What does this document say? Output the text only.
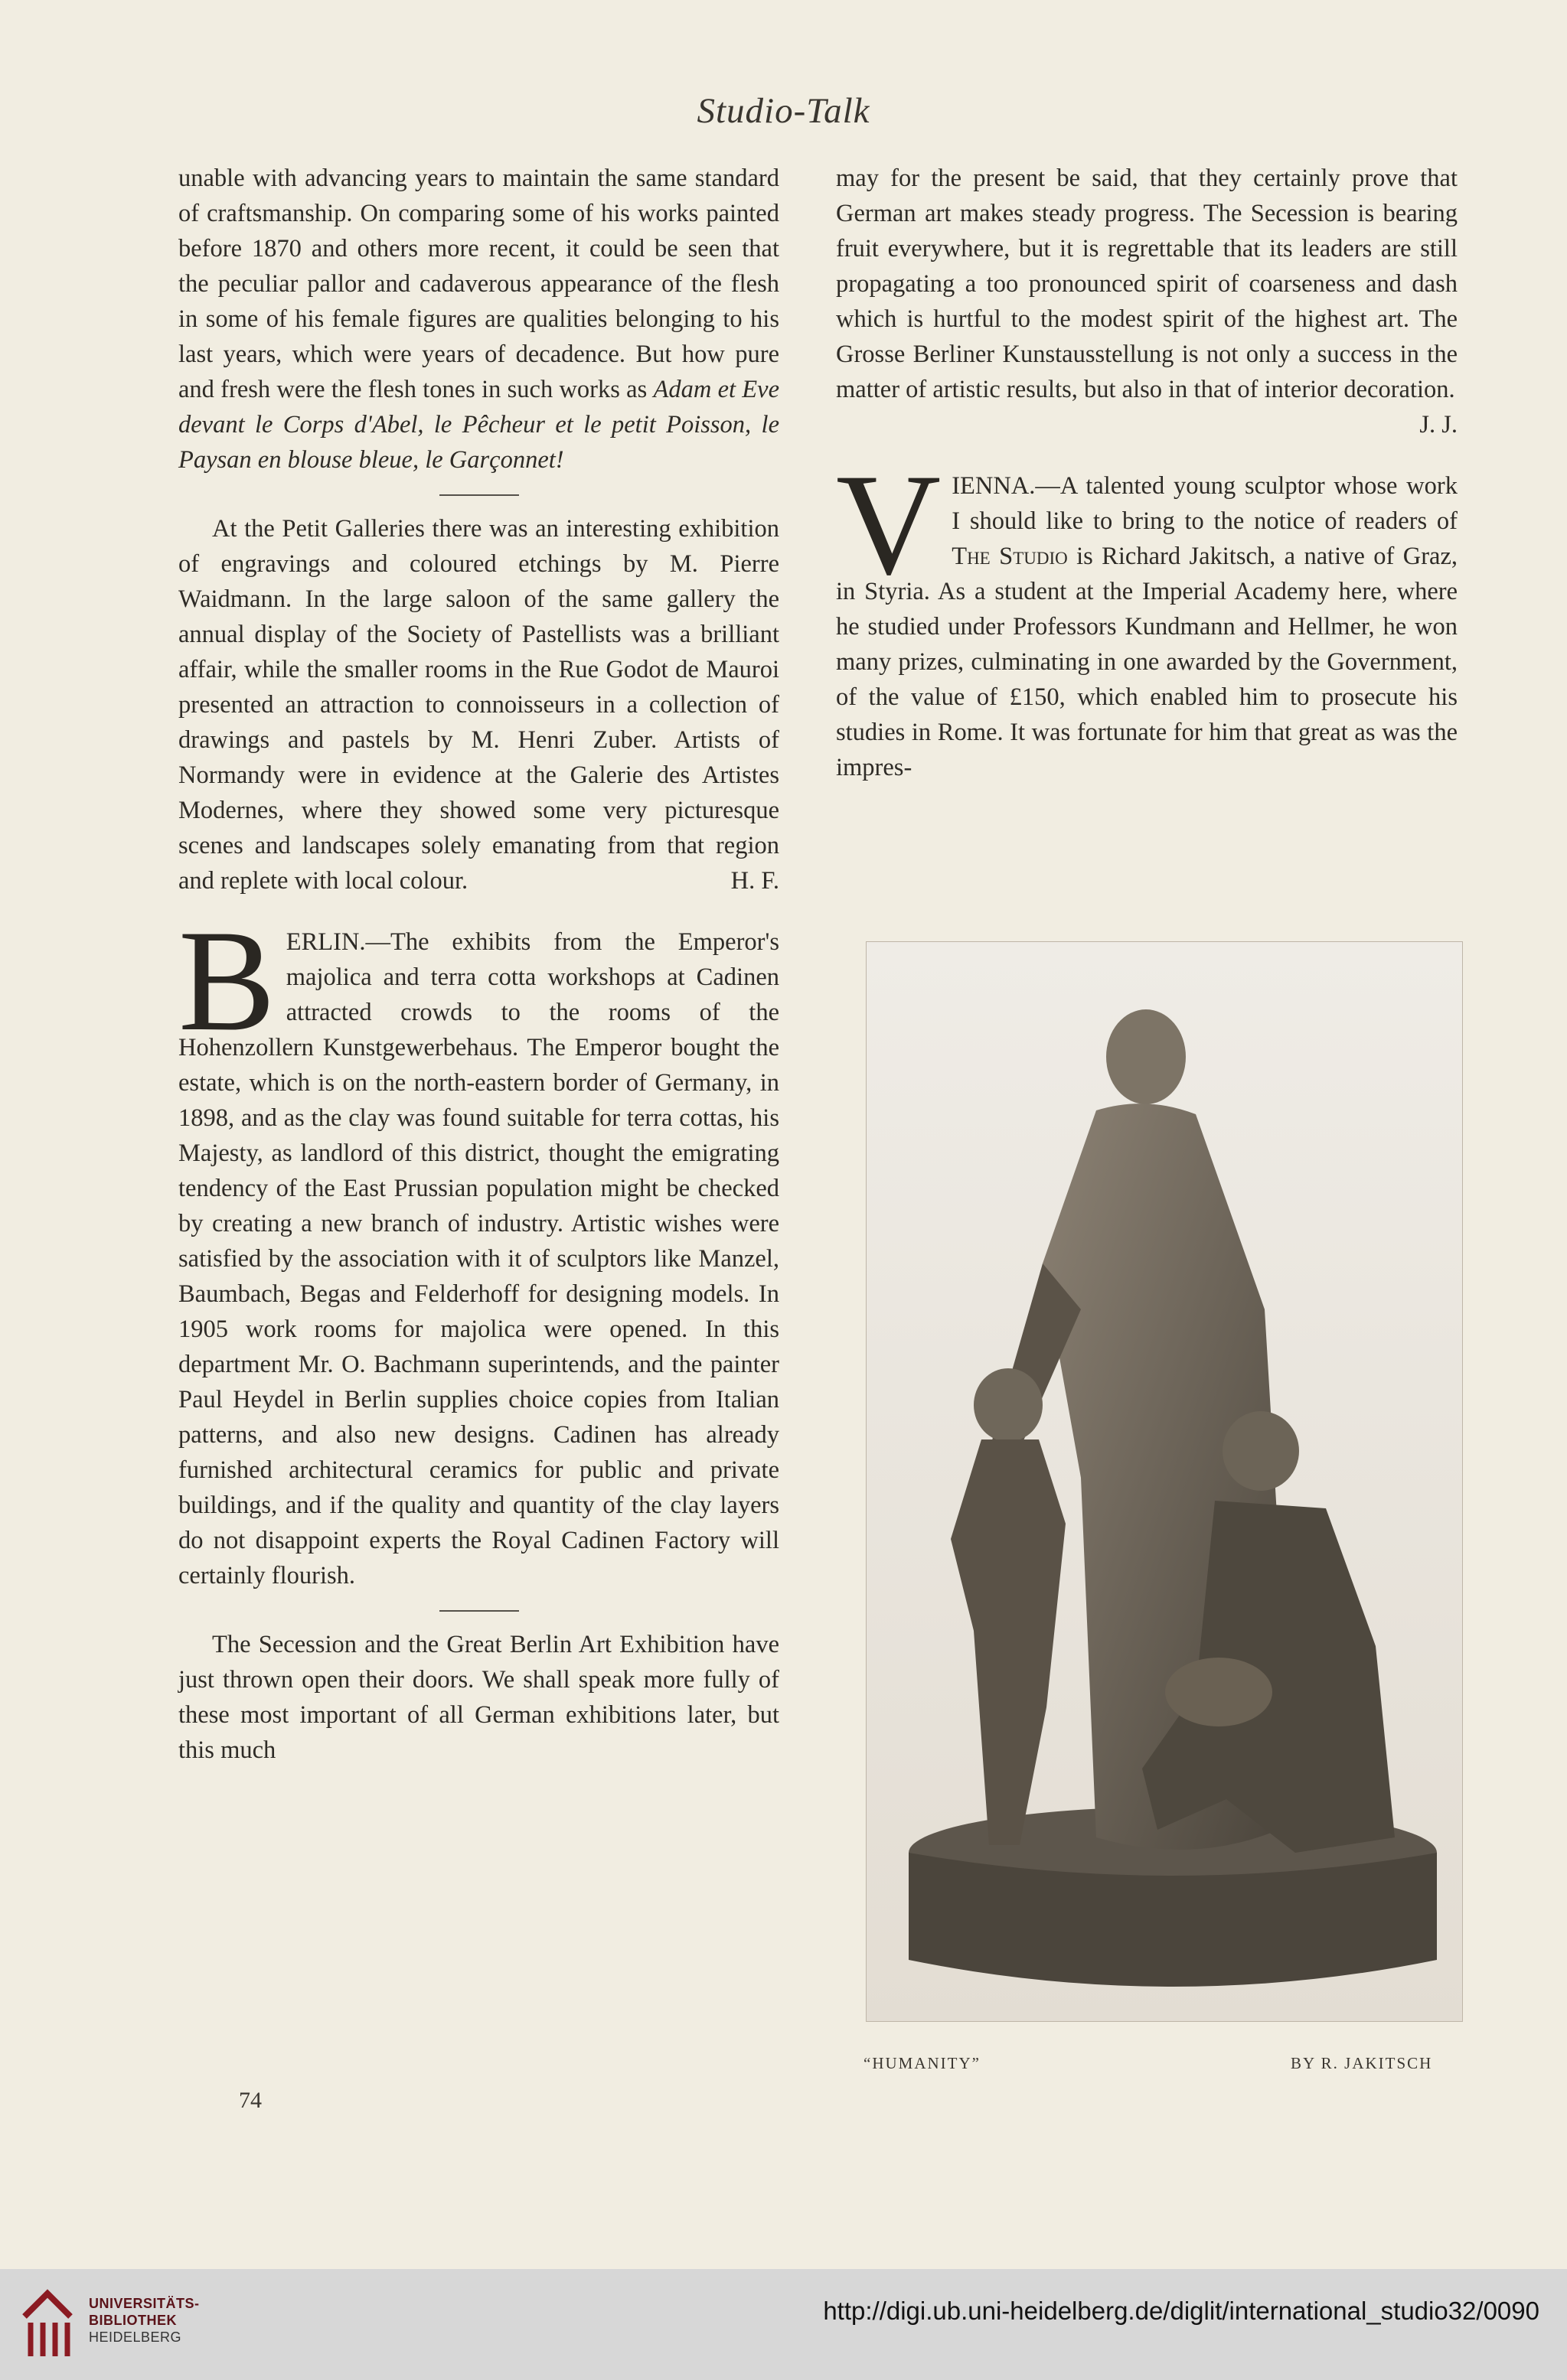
Studio-Talk

unable with advancing years to maintain the same standard of craftsmanship. On comparing some of his works painted before 1870 and others more recent, it could be seen that the peculiar pallor and cadaverous appearance of the flesh in some of his female figures are qualities belonging to his last years, which were years of decadence. But how pure and fresh were the flesh tones in such works as Adam et Eve devant le Corps d'Abel, le Pêcheur et le petit Poisson, le Paysan en blouse bleue, le Garçonnet!

At the Petit Galleries there was an interesting exhibition of engravings and coloured etchings by M. Pierre Waidmann. In the large saloon of the same gallery the annual display of the Society of Pastellists was a brilliant affair, while the smaller rooms in the Rue Godot de Mauroi presented an attraction to connoisseurs in a collection of drawings and pastels by M. Henri Zuber. Artists of Normandy were in evidence at the Galerie des Artistes Modernes, where they showed some very picturesque scenes and landscapes solely emanating from that region and replete with local colour.	H. F.

BERLIN.—The exhibits from the Emperor's majolica and terra cotta workshops at Cadinen attracted crowds to the rooms of the Hohenzollern Kunstgewerbehaus. The Emperor bought the estate, which is on the north-eastern border of Germany, in 1898, and as the clay was found suitable for terra cottas, his Majesty, as landlord of this district, thought the emigrating tendency of the East Prussian population might be checked by creating a new branch of industry. Artistic wishes were satisfied by the association with it of sculptors like Manzel, Baumbach, Begas and Felderhoff for designing models. In 1905 work rooms for majolica were opened. In this department Mr. O. Bachmann superintends, and the painter Paul Heydel in Berlin supplies choice copies from Italian patterns, and also new designs. Cadinen has already furnished architectural ceramics for public and private buildings, and if the quality and quantity of the clay layers do not disappoint experts the Royal Cadinen Factory will certainly flourish.

The Secession and the Great Berlin Art Exhibition have just thrown open their doors. We shall speak more fully of these most important of all German exhibitions later, but this much

may for the present be said, that they certainly prove that German art makes steady progress. The Secession is bearing fruit everywhere, but it is regrettable that its leaders are still propagating a too pronounced spirit of coarseness and dash which is hurtful to the modest spirit of the highest art. The Grosse Berliner Kunstausstellung is not only a success in the matter of artistic results, but also in that of interior decoration.
J. J.

VIENNA.—A talented young sculptor whose work I should like to bring to the notice of readers of The Studio is Richard Jakitsch, a native of Graz, in Styria. As a student at the Imperial Academy here, where he studied under Professors Kundmann and Hellmer, he won many prizes, culminating in one awarded by the Government, of the value of £150, which enabled him to prosecute his studies in Rome. It was fortunate for him that great as was the impres-

“HUMANITY”	BY R. JAKITSCH
74
UNIVERSITÄTS-
BIBLIOTHEK
HEIDELBERG
http://digi.ub.uni-heidelberg.de/diglit/international_studio32/0090
